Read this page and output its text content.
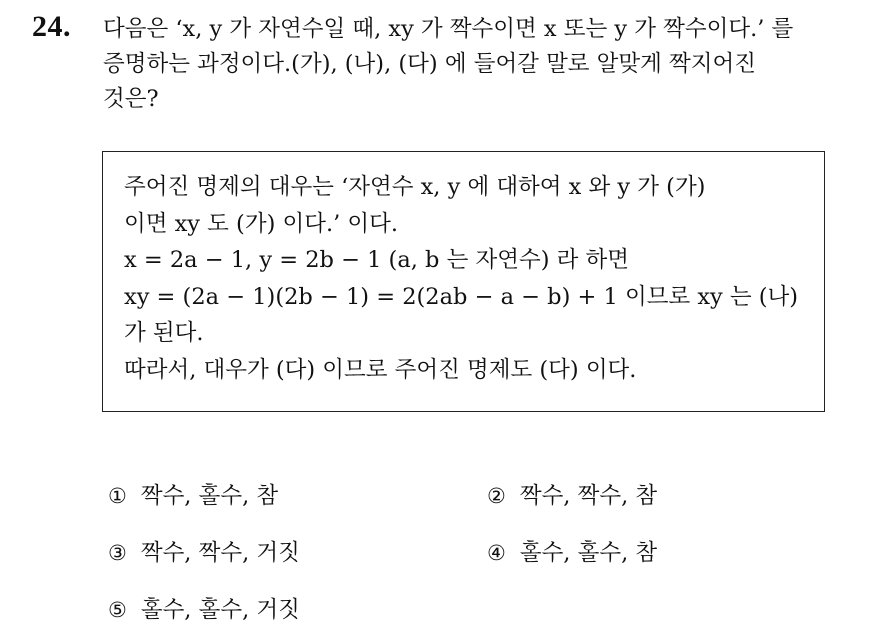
24. 다음은 ‘x, y 가 자연수일 때, xy 가 짝수이면 x 또는 y 가 짝수이다.’ 를
증명하는 과정이다.(가), (나), (다) 에 들어갈 말로 알맞게 짝지어진
것은?
주어진 명제의 대우는 ‘자연수 x, y 에 대하여 x 와 y 가 (가)
이면 xy 도 (가) 이다.’ 이다.
x = 2a − 1, y = 2b − 1 (a, b 는 자연수) 라 하면
xy = (2a − 1)(2b − 1) = 2(2ab − a − b) + 1 이므로 xy 는 (나)
가 된다.
따라서, 대우가 (다) 이므로 주어진 명제도 (다) 이다.
① 짝수, 홀수, 참	② 짝수, 짝수, 참
③ 짝수, 짝수, 거짓	④ 홀수, 홀수, 참
⑤ 홀수, 홀수, 거짓
